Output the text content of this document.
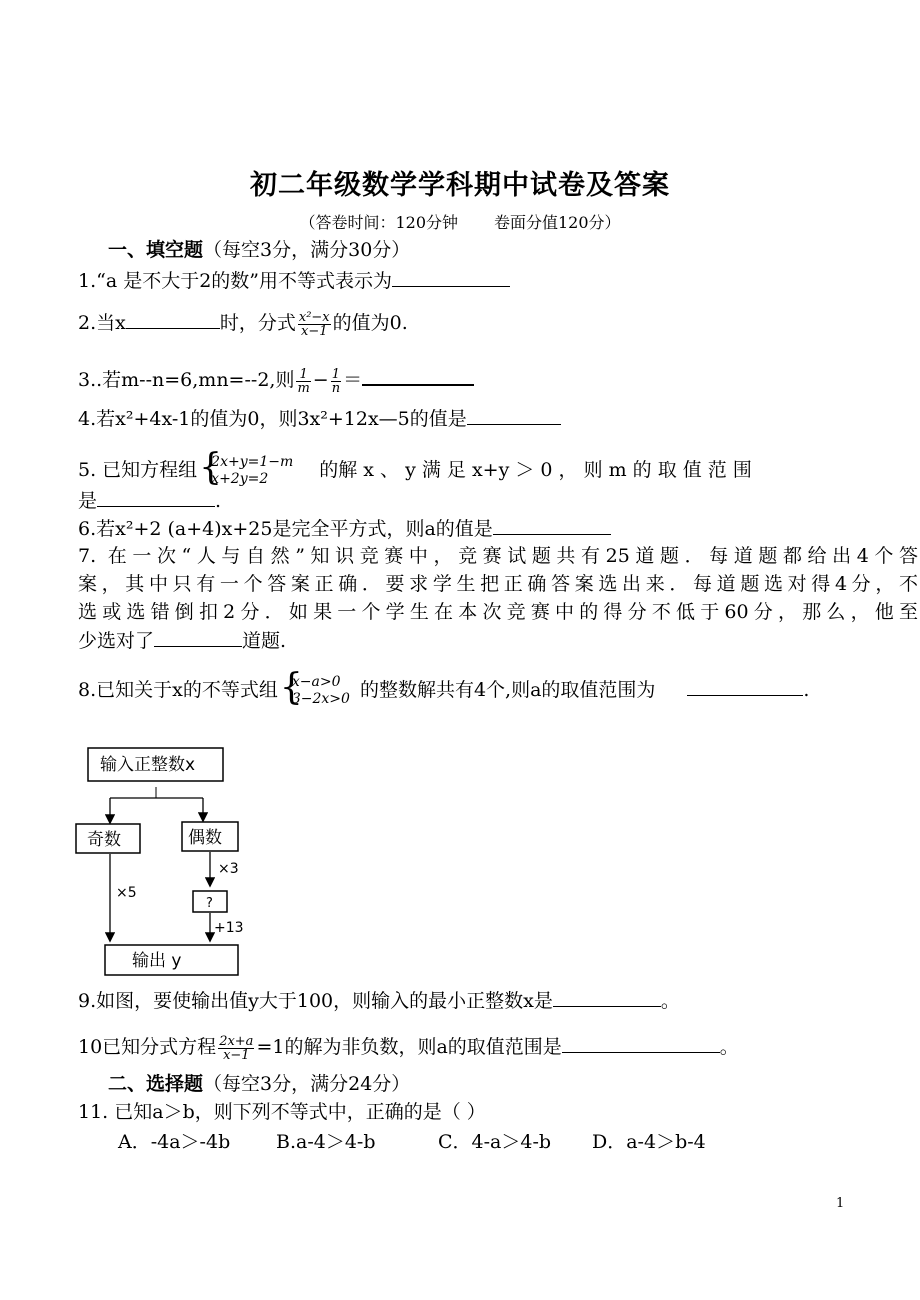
初二年级数学学科期中试卷及答案
（答卷时间：120分钟 卷面分值120分）
一、填空题（每空3分，满分30分）
1.“a 是不大于2的数”用不等式表示为
2.当x	时，分式 $\frac{\text{x²−x}}{x-1}$ 的值为0.
3..若m--n=6,mn=--2,则 $\frac{1}{m} - \frac{1}{n}$ ＝
4.若x²+4x-1的值为0，则3x²+12x—5的值是
5. 已知方程组 {
2x+y=1−m
x+2y=2	的解 x 、 y 满 足 x+y ＞ 0 ， 则 m 的 取 值 范 围
是	.
6.若x²+2 (a+4)x+25是完全平方式，则a的值是
7. 在一次“人与自然”知识竞赛中，竞赛试题共有25道题．每道题都给出4个答
案，其中只有一个答案正确．要求学生把正确答案选出来．每道题选对得4分，不
选或选错倒扣2分．如果一个学生在本次竞赛中的得分不低于60分，那么，他至
少选对了	道题.
8.已知关于x的不等式组 {
x−a>0
3−2x>0 的整数解共有4个,则a的取值范围为	.
输入正整数x
奇数	偶数
×5
×3
?
+13
输出 y
9.如图，要使输出值y大于100，则输入的最小正整数x是	。
10已知分式方程 $\frac{2x+a}{x-1} =1$的解为非负数，则a的取值范围是	。
二、选择题（每空3分，满分24分）
11. 已知a＞b，则下列不等式中，正确的是（ ）
A．-4a＞-4b B.a-4＞4-b	C．4-a＞4-b D．a-4＞b-4
1
